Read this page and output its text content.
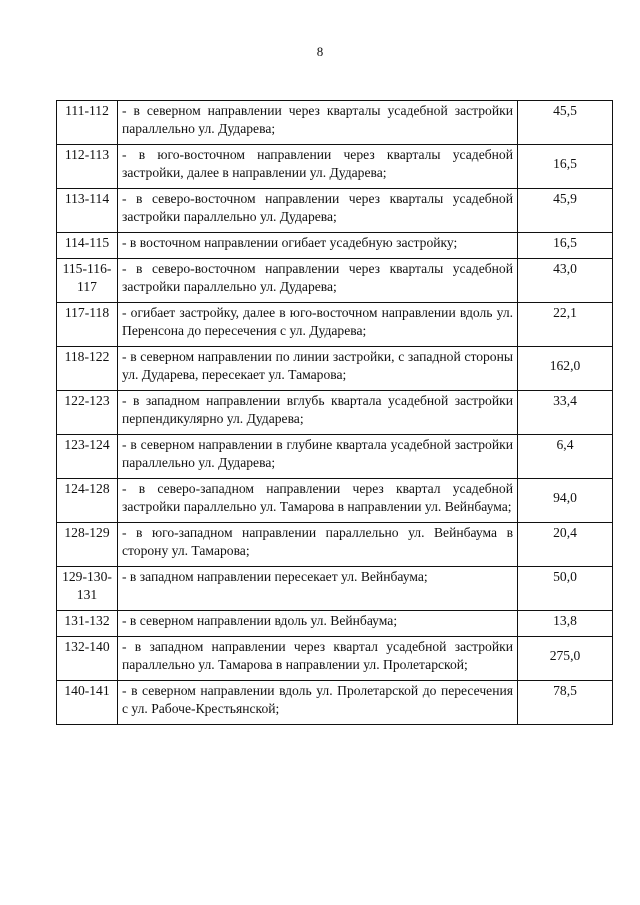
8
111-112	- в северном направлении через кварталы усадебной застройки параллельно ул. Дударева;	45,5
112-113	- в юго-восточном направлении через кварталы усадебной застройки, далее в направлении ул. Дударева;	16,5
113-114	- в северо-восточном направлении через кварталы усадебной застройки параллельно ул. Дударева;	45,9
114-115	- в восточном направлении огибает усадебную застройку;	16,5
115-116-117	- в северо-восточном направлении через кварталы усадебной застройки параллельно ул. Дударева;	43,0
117-118	- огибает застройку, далее в юго-восточном направлении вдоль ул. Перенсона до пересечения с ул. Дударева;	22,1
118-122	- в северном направлении по линии застройки, с западной стороны ул. Дударева, пересекает ул. Тамарова;	162,0
122-123	- в западном направлении вглубь квартала усадебной застройки перпендикулярно ул. Дударева;	33,4
123-124	- в северном направлении в глубине квартала усадебной застройки параллельно ул. Дударева;	6,4
124-128	- в северо-западном направлении через квартал усадебной застройки параллельно ул. Тамарова в направлении ул. Вейнбаума;	94,0
128-129	- в юго-западном направлении параллельно ул. Вейнбаума в сторону ул. Тамарова;	20,4
129-130-131	- в западном направлении пересекает ул. Вейнбаума;	50,0
131-132	- в северном направлении вдоль ул. Вейнбаума;	13,8
132-140	- в западном направлении через квартал усадебной застройки параллельно ул. Тамарова в направлении ул. Пролетарской;	275,0
140-141	- в северном направлении вдоль ул. Пролетарской до пересечения с ул. Рабоче-Крестьянской;	78,5
